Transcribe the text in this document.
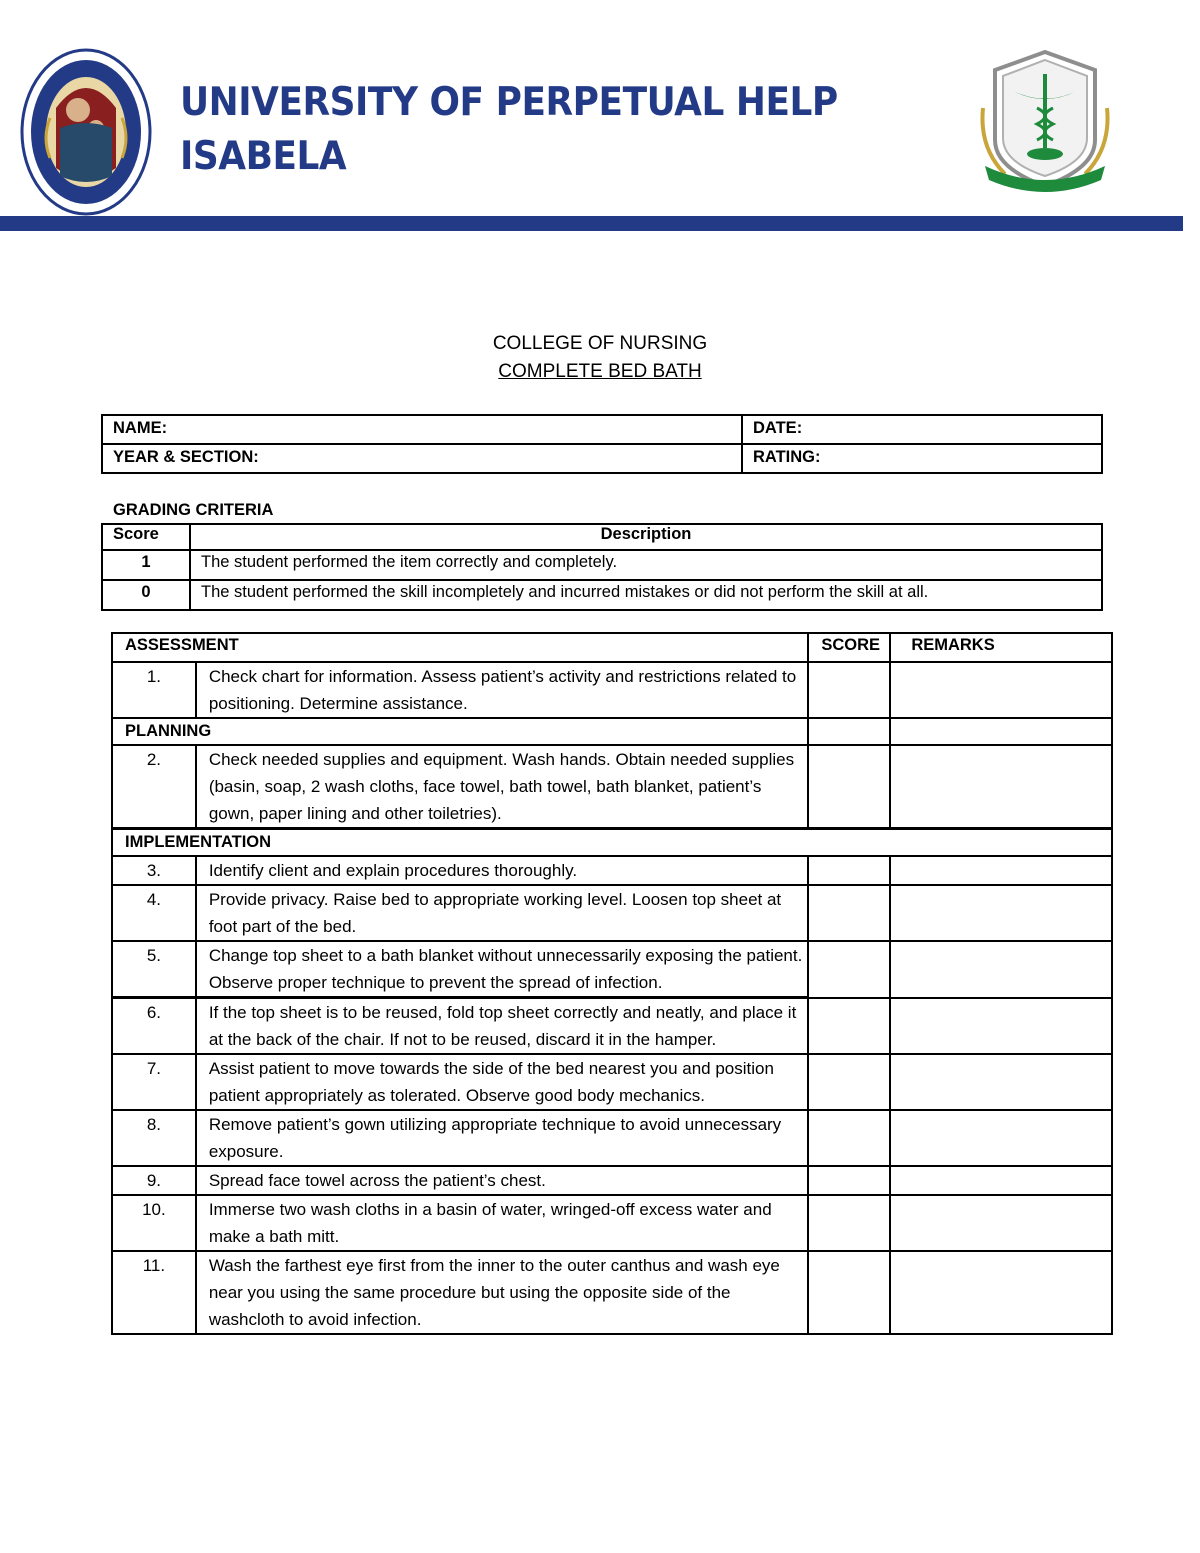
UNIVERSITY OF PERPETUAL HELP
ISABELA
COLLEGE OF NURSING
COMPLETE BED BATH
NAME:	DATE:
YEAR & SECTION:	RATING:
GRADING CRITERIA
Score	Description
1	The student performed the item correctly and completely.
0	The student performed the skill incompletely and incurred mistakes or did not perform the skill at all.
ASSESSMENT		SCORE	REMARKS
1.	Check chart for information. Assess patient’s activity and restrictions related to positioning. Determine assistance.		
PLANNING			
2.	Check needed supplies and equipment. Wash hands. Obtain needed supplies (basin, soap, 2 wash cloths, face towel, bath towel, bath blanket, patient’s gown, paper lining and other toiletries).		
IMPLEMENTATION			
3.	Identify client and explain procedures thoroughly.		
4.	Provide privacy. Raise bed to appropriate working level. Loosen top sheet at foot part of the bed.		
5.	Change top sheet to a bath blanket without unnecessarily exposing the patient. Observe proper technique to prevent the spread of infection.		
6.	If the top sheet is to be reused, fold top sheet correctly and neatly, and place it at the back of the chair. If not to be reused, discard it in the hamper.		
7.	Assist patient to move towards the side of the bed nearest you and position patient appropriately as tolerated. Observe good body mechanics.		
8.	Remove patient’s gown utilizing appropriate technique to avoid unnecessary exposure.		
9.	Spread face towel across the patient’s chest.		
10.	Immerse two wash cloths in a basin of water, wringed-off excess water and make a bath mitt.		
11.	Wash the farthest eye first from the inner to the outer canthus and wash eye near you using the same procedure but using the opposite side of the washcloth to avoid infection.		
